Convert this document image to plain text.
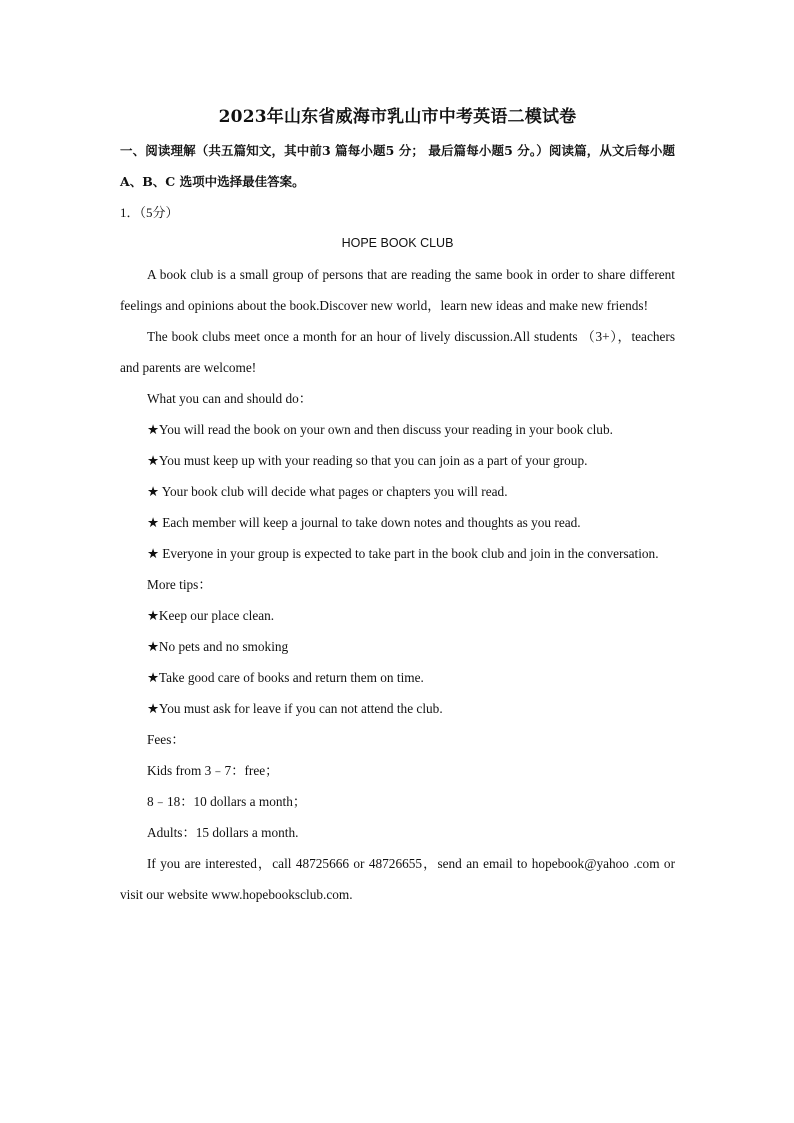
2023年山东省威海市乳山市中考英语二模试卷

一、阅读理解（共五篇知文，其中前3 篇每小题5 分； 最后篇每小题5 分。）阅读篇，从文后每小题A、B、C 选项中选择最佳答案。

1．（5分）

HOPE BOOK CLUB

A book club is a small group of persons that are reading the same book in order to share different feelings and opinions about the book.Discover new world，learn new ideas and make new friends!

The book clubs meet once a month for an hour of lively discussion.All students （3+），teachers and parents are welcome!

What you can and should do：

★You will read the book on your own and then discuss your reading in your book club.

★You must keep up with your reading so that you can join as a part of your group.

★ Your book club will decide what pages or chapters you will read.

★ Each member will keep a journal to take down notes and thoughts as you read.

★ Everyone in your group is expected to take part in the book club and join in the conversation.

More tips：

★Keep our place clean.

★No pets and no smoking

★Take good care of books and return them on time.

★You must ask for leave if you can not attend the club.

Fees：

Kids from 3﹣7：free；

8﹣18：10 dollars a month；

Adults：15 dollars a month.

If you are interested，call 48725666 or 48726655，send an email to hopebook@yahoo .com or visit our website www.hopebooksclub.com.
